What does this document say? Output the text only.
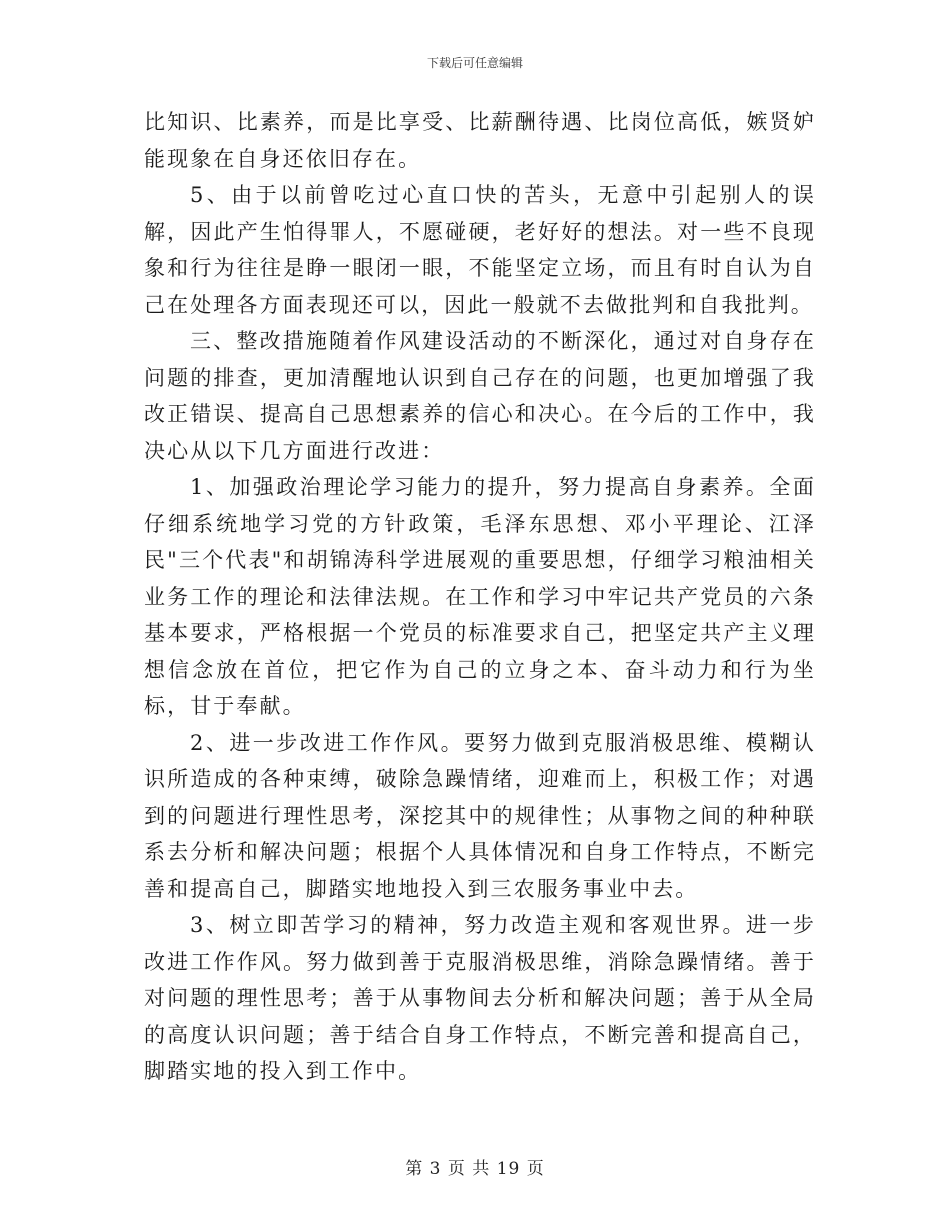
下载后可任意编辑

比知识、比素养，而是比享受、比薪酬待遇、比岗位高低，嫉贤妒能现象在自身还依旧存在。

5、由于以前曾吃过心直口快的苦头，无意中引起别人的误解，因此产生怕得罪人，不愿碰硬，老好好的想法。对一些不良现象和行为往往是睁一眼闭一眼，不能坚定立场，而且有时自认为自己在处理各方面表现还可以，因此一般就不去做批判和自我批判。

三、整改措施随着作风建设活动的不断深化，通过对自身存在问题的排查，更加清醒地认识到自己存在的问题，也更加增强了我改正错误、提高自己思想素养的信心和决心。在今后的工作中，我决心从以下几方面进行改进：

1、加强政治理论学习能力的提升，努力提高自身素养。全面仔细系统地学习党的方针政策，毛泽东思想、邓小平理论、江泽民"三个代表"和胡锦涛科学进展观的重要思想，仔细学习粮油相关业务工作的理论和法律法规。在工作和学习中牢记共产党员的六条基本要求，严格根据一个党员的标准要求自己，把坚定共产主义理想信念放在首位，把它作为自己的立身之本、奋斗动力和行为坐标，甘于奉献。

2、进一步改进工作作风。要努力做到克服消极思维、模糊认识所造成的各种束缚，破除急躁情绪，迎难而上，积极工作；对遇到的问题进行理性思考，深挖其中的规律性；从事物之间的种种联系去分析和解决问题；根据个人具体情况和自身工作特点，不断完善和提高自己，脚踏实地地投入到三农服务事业中去。

3、树立即苦学习的精神，努力改造主观和客观世界。进一步改进工作作风。努力做到善于克服消极思维，消除急躁情绪。善于对问题的理性思考；善于从事物间去分析和解决问题；善于从全局的高度认识问题；善于结合自身工作特点，不断完善和提高自己，脚踏实地的投入到工作中。

第 3 页 共 19 页
